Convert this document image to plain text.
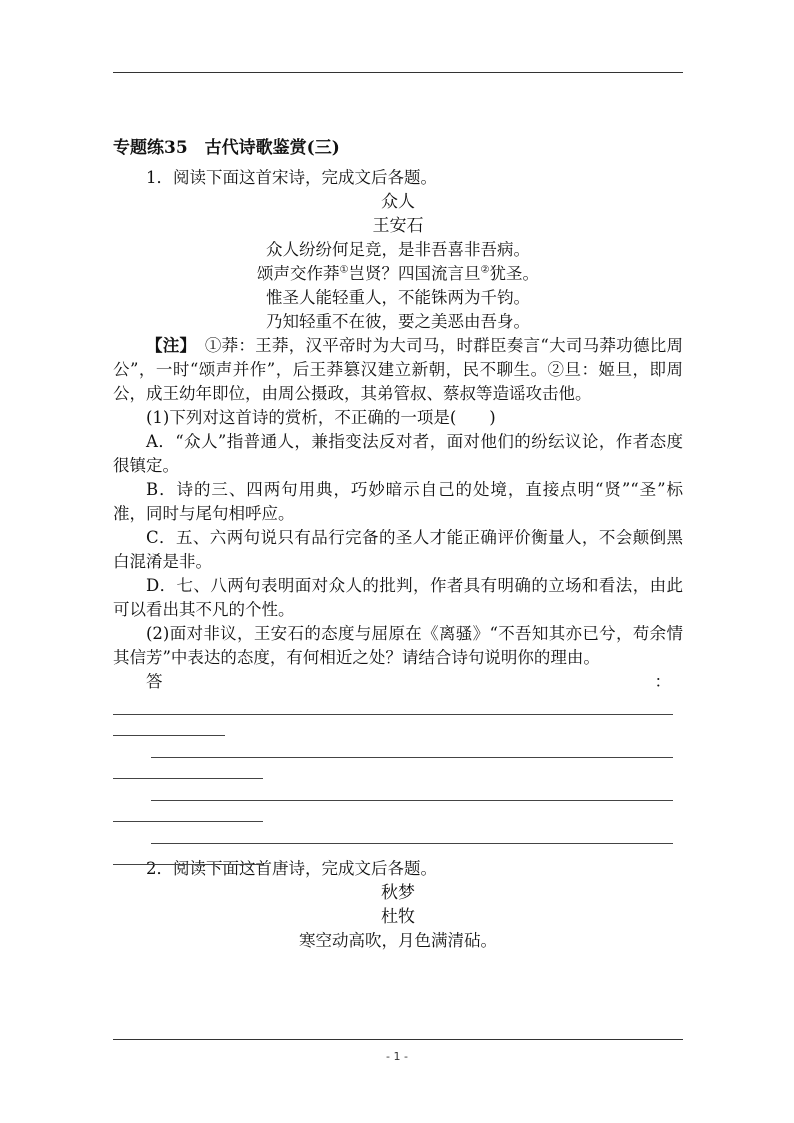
专题练35　古代诗歌鉴赏(三)

1．阅读下面这首宋诗，完成文后各题。

众人

王安石

众人纷纷何足竞，是非吾喜非吾病。

颂声交作莽①岂贤？四国流言旦②犹圣。

惟圣人能轻重人，不能铢两为千钧。

乃知轻重不在彼，要之美恶由吾身。

【注】　①莽：王莽，汉平帝时为大司马，时群臣奏言“大司马莽功德比周公”，一时“颂声并作”，后王莽篡汉建立新朝，民不聊生。②旦：姬旦，即周公，成王幼年即位，由周公摄政，其弟管叔、蔡叔等造谣攻击他。

(1)下列对这首诗的赏析，不正确的一项是(　　)

A．“众人”指普通人，兼指变法反对者，面对他们的纷纭议论，作者态度很镇定。

B．诗的三、四两句用典，巧妙暗示自己的处境，直接点明“贤”“圣”标准，同时与尾句相呼应。

C．五、六两句说只有品行完备的圣人才能正确评价衡量人，不会颠倒黑白混淆是非。

D．七、八两句表明面对众人的批判，作者具有明确的立场和看法，由此可以看出其不凡的个性。

(2)面对非议，王安石的态度与屈原在《离骚》“不吾知其亦已兮，苟余情其信芳”中表达的态度，有何相近之处？请结合诗句说明你的理由。

答	：

2．阅读下面这首唐诗，完成文后各题。

秋梦

杜牧

寒空动高吹，月色满清砧。

- 1 -
